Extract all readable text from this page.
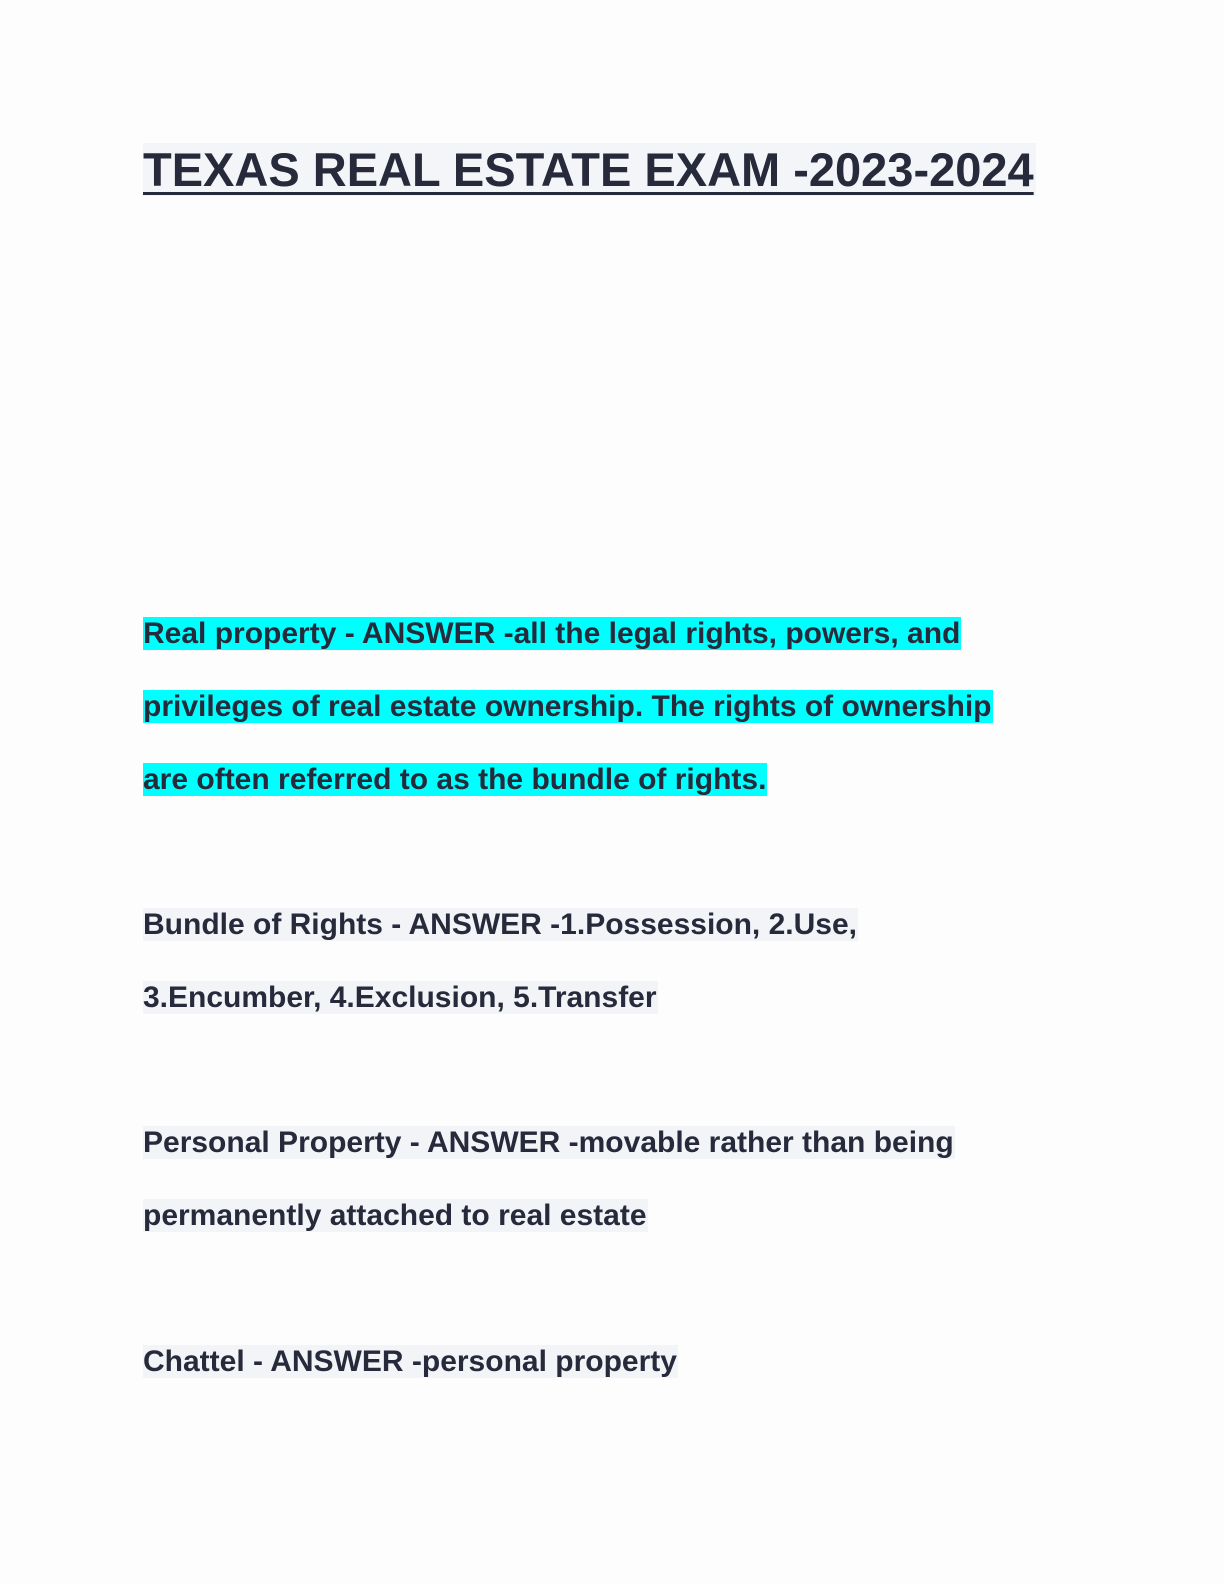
TEXAS REAL ESTATE EXAM -2023-2024
Real property - ANSWER -all the legal rights, powers, and
privileges of real estate ownership. The rights of ownership
are often referred to as the bundle of rights.
Bundle of Rights - ANSWER -1.Possession, 2.Use,
3.Encumber, 4.Exclusion, 5.Transfer
Personal Property - ANSWER -movable rather than being
permanently attached to real estate
Chattel - ANSWER -personal property
